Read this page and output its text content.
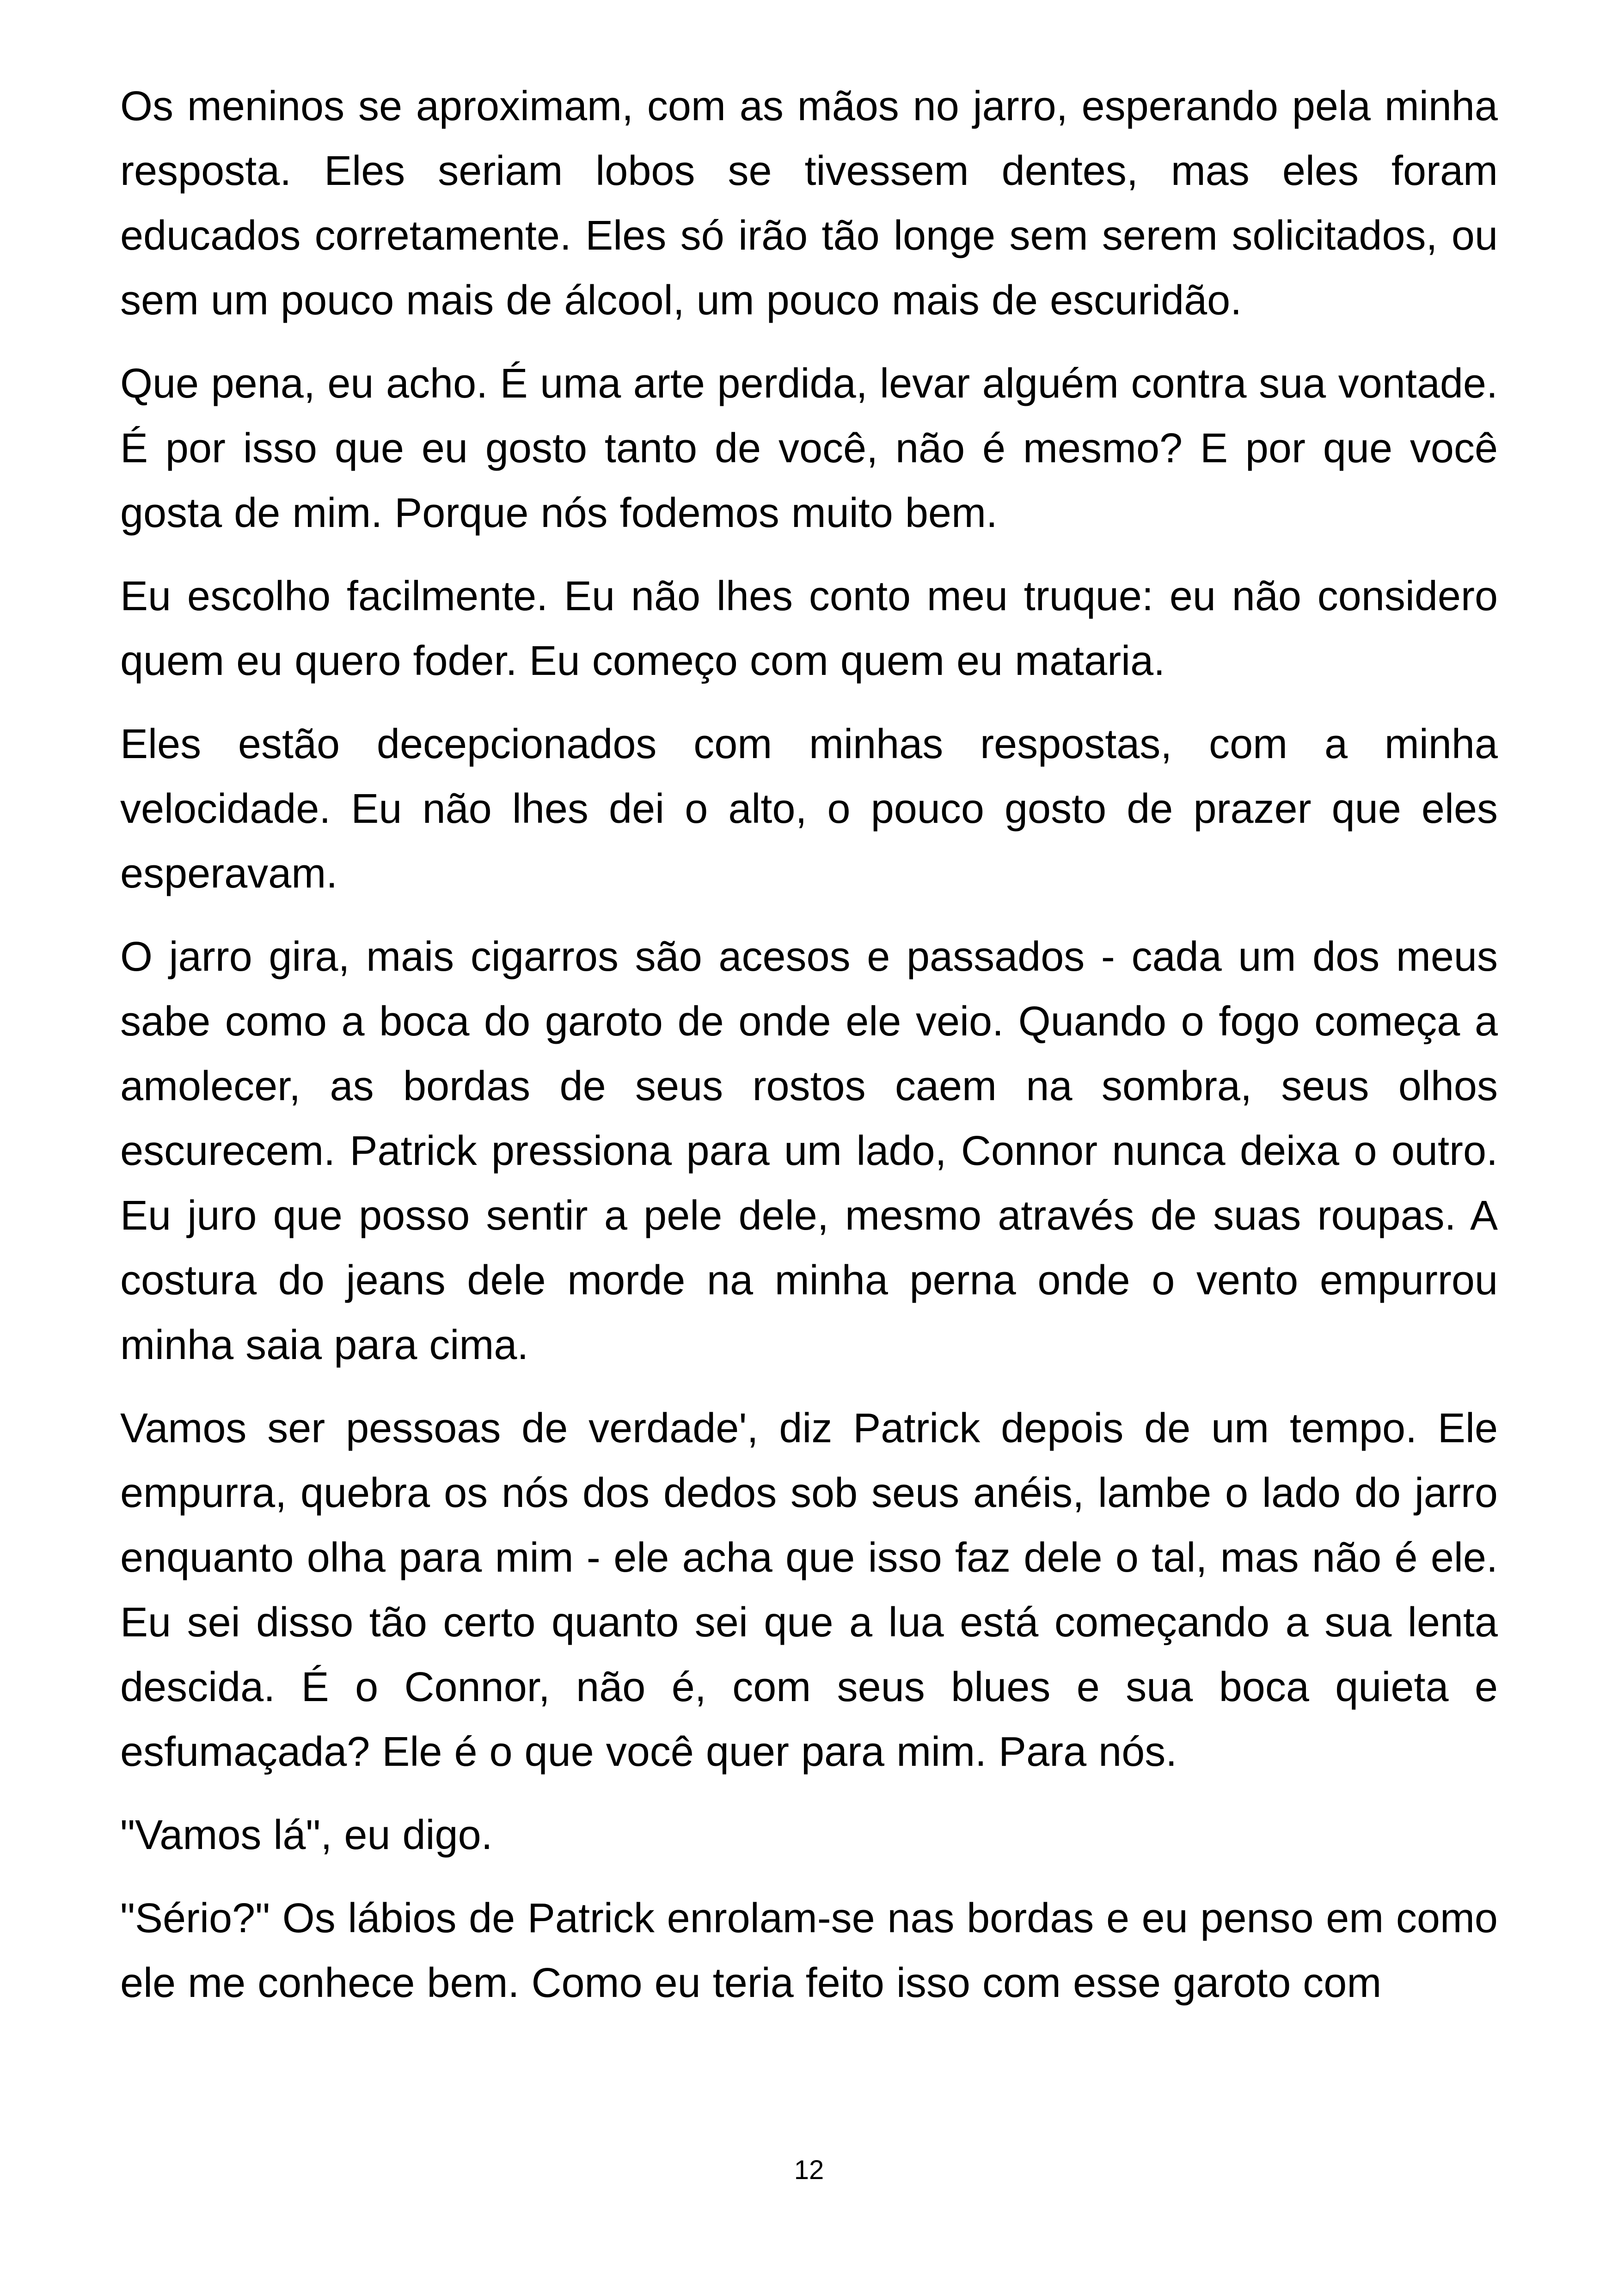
Os meninos se aproximam, com as mãos no jarro, esperando pela minha resposta. Eles seriam lobos se tivessem dentes, mas eles foram educados corretamente. Eles só irão tão longe sem serem solicitados, ou sem um pouco mais de álcool, um pouco mais de escuridão.

Que pena, eu acho. É uma arte perdida, levar alguém contra sua vontade. É por isso que eu gosto tanto de você, não é mesmo? E por que você gosta de mim. Porque nós fodemos muito bem.

Eu escolho facilmente. Eu não lhes conto meu truque: eu não considero quem eu quero foder. Eu começo com quem eu mataria.

Eles estão decepcionados com minhas respostas, com a minha velocidade. Eu não lhes dei o alto, o pouco gosto de prazer que eles esperavam.

O jarro gira, mais cigarros são acesos e passados - cada um dos meus sabe como a boca do garoto de onde ele veio. Quando o fogo começa a amolecer, as bordas de seus rostos caem na sombra, seus olhos escurecem. Patrick pressiona para um lado, Connor nunca deixa o outro. Eu juro que posso sentir a pele dele, mesmo através de suas roupas. A costura do jeans dele morde na minha perna onde o vento empurrou minha saia para cima.

Vamos ser pessoas de verdade', diz Patrick depois de um tempo. Ele empurra, quebra os nós dos dedos sob seus anéis, lambe o lado do jarro enquanto olha para mim - ele acha que isso faz dele o tal, mas não é ele. Eu sei disso tão certo quanto sei que a lua está começando a sua lenta descida. É o Connor, não é, com seus blues e sua boca quieta e esfumaçada? Ele é o que você quer para mim. Para nós.

"Vamos lá", eu digo.

"Sério?" Os lábios de Patrick enrolam-se nas bordas e eu penso em como ele me conhece bem. Como eu teria feito isso com esse garoto com

12
